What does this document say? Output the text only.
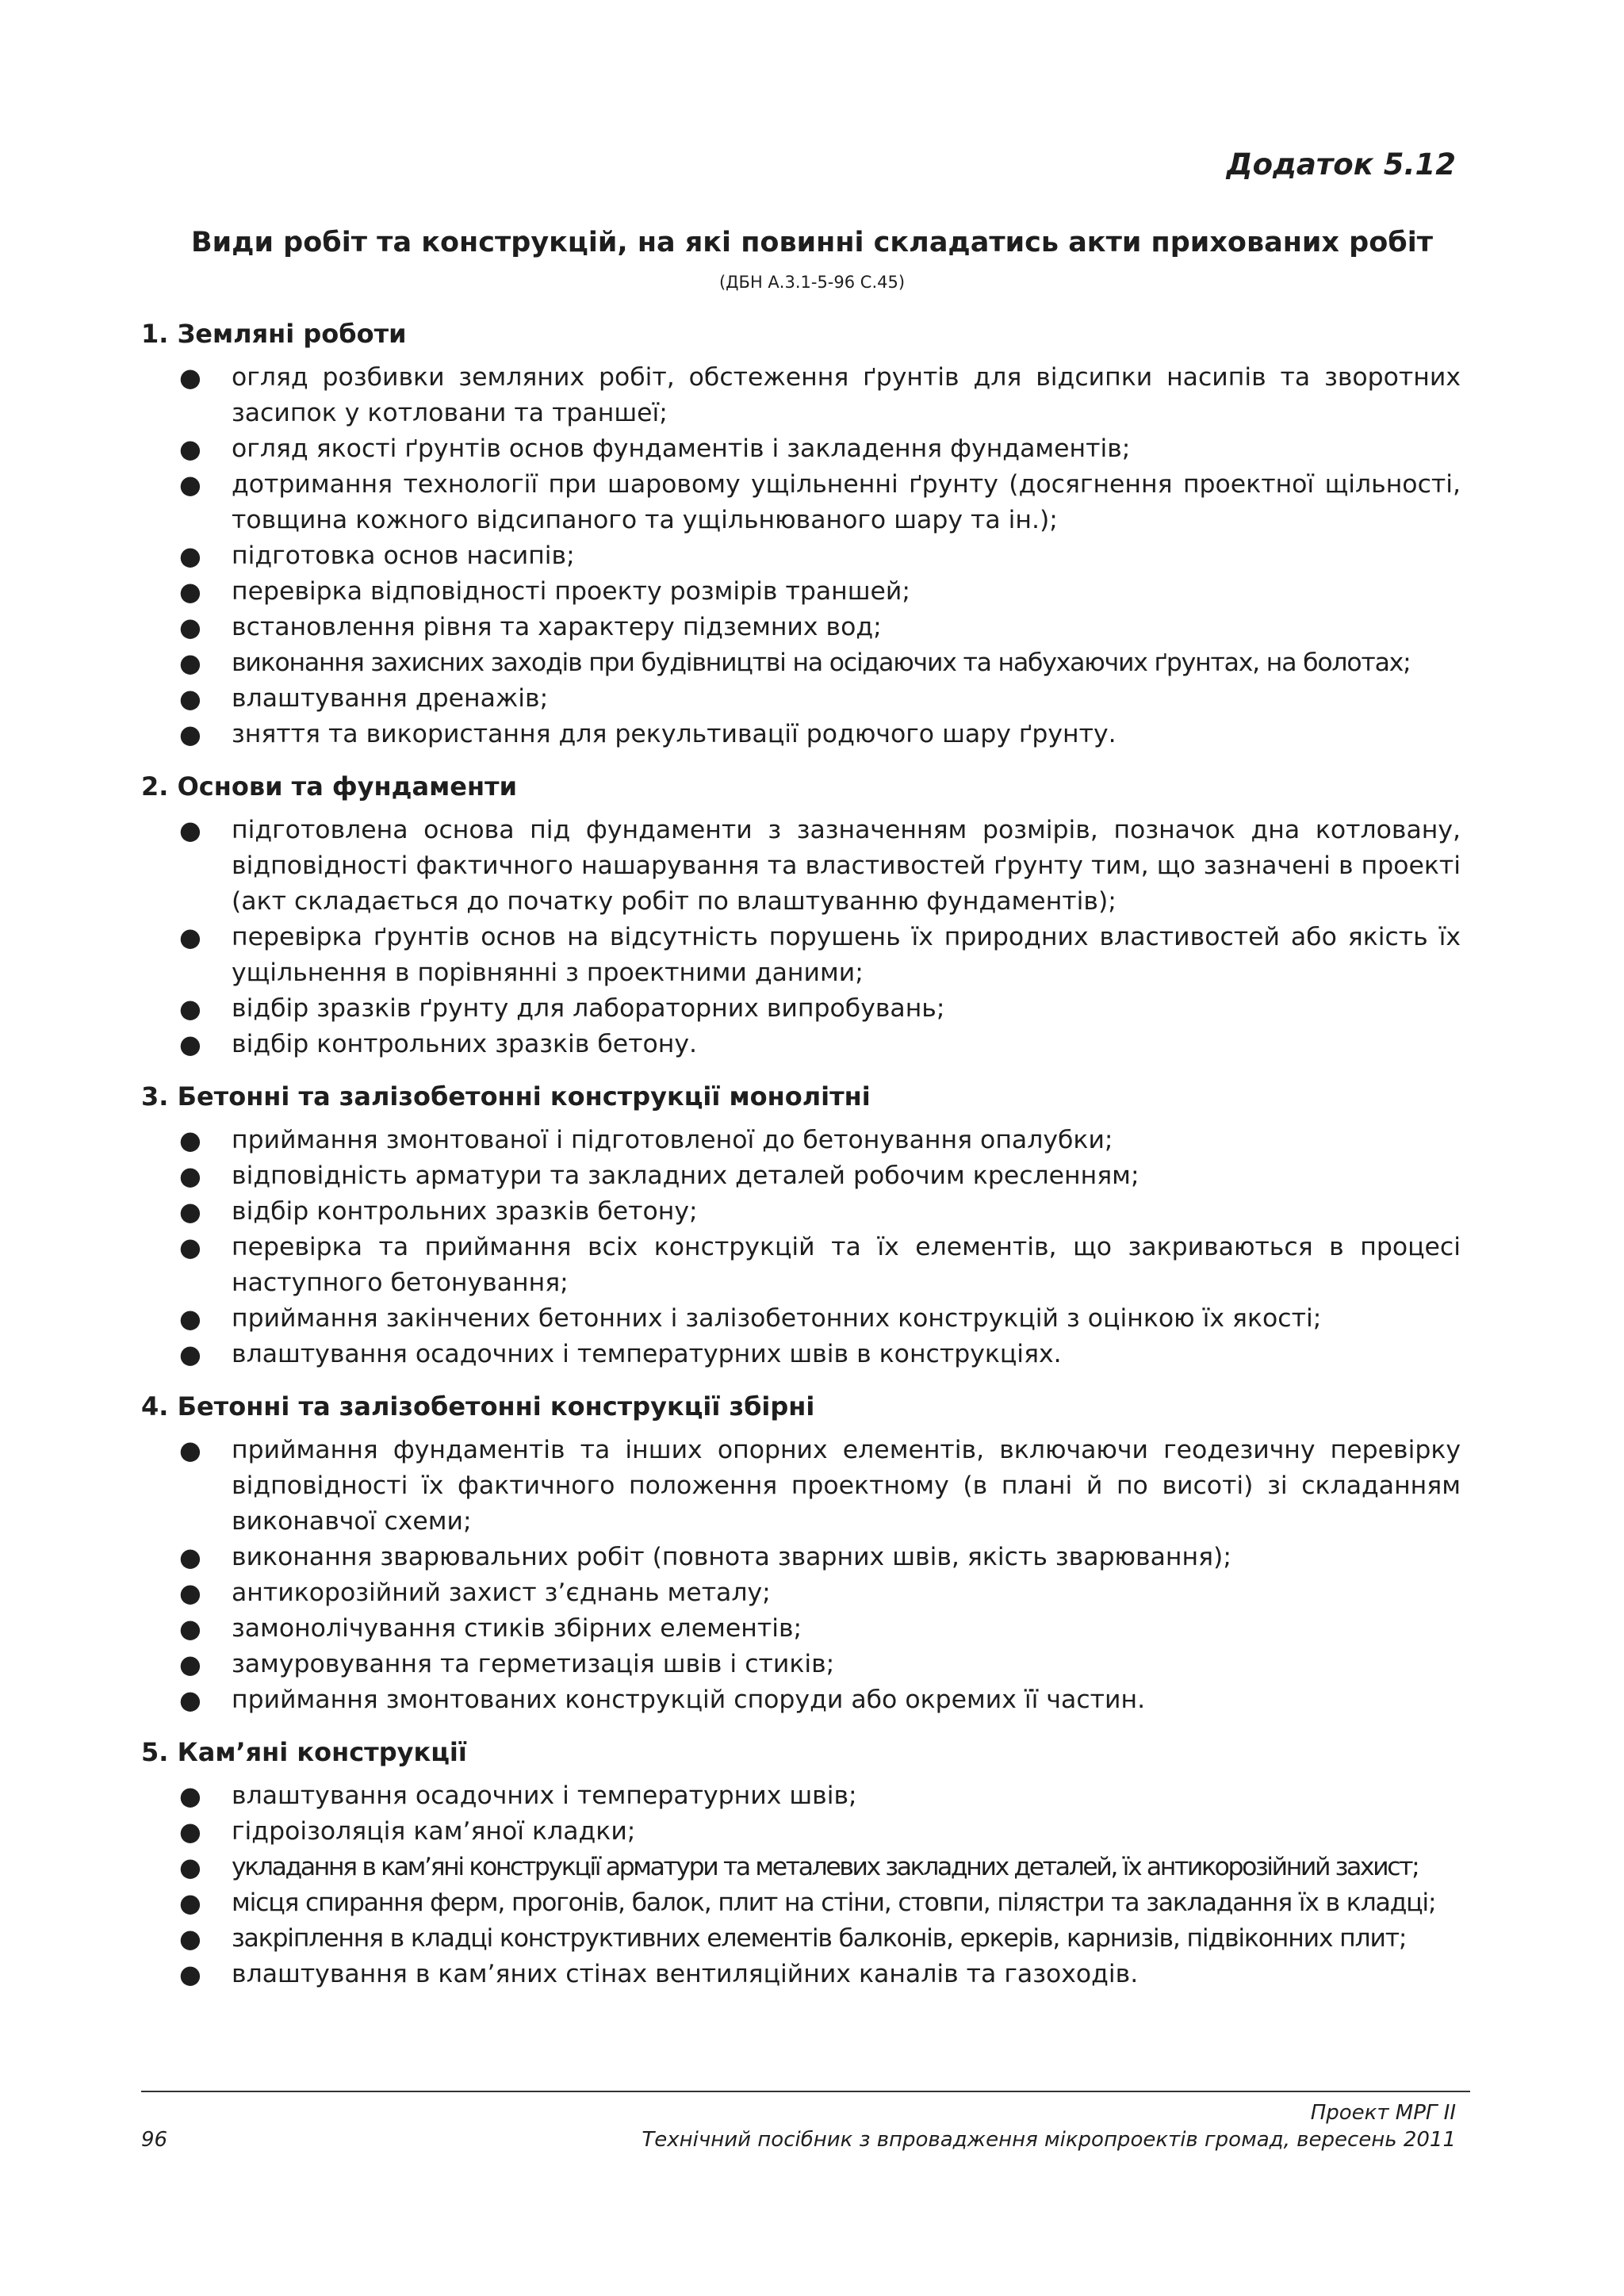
Додаток 5.12
Види робіт та конструкцій, на які повинні складатись акти прихованих робіт
(ДБН А.3.1-5-96 С.45)
1. Земляні роботи
● огляд розбивки земляних робіт, обстеження ґрунтів для відсипки насипів та зворотних засипок у котловани та траншеї;
● огляд якості ґрунтів основ фундаментів і закладення фундаментів;
● дотримання технології при шаровому ущільненні ґрунту (досягнення проектної щільності, товщина кожного відсипаного та ущільнюваного шару та ін.);
● підготовка основ насипів;
● перевірка відповідності проекту розмірів траншей;
● встановлення рівня та характеру підземних вод;
● виконання захисних заходів при будівництві на осідаючих та набухаючих ґрунтах, на болотах;
● влаштування дренажів;
● зняття та використання для рекультивації родючого шару ґрунту.
2. Основи та фундаменти
● підготовлена основа під фундаменти з зазначенням розмірів, позначок дна котловану, відповідності фактичного нашарування та властивостей ґрунту тим, що зазначені в проекті (акт складається до початку робіт по влаштуванню фундаментів);
● перевірка ґрунтів основ на відсутність порушень їх природних властивостей або якість їх ущільнення в порівнянні з проектними даними;
● відбір зразків ґрунту для лабораторних випробувань;
● відбір контрольних зразків бетону.
3. Бетонні та залізобетонні конструкції монолітні
● приймання змонтованої і підготовленої до бетонування опалубки;
● відповідність арматури та закладних деталей робочим кресленням;
● відбір контрольних зразків бетону;
● перевірка та приймання всіх конструкцій та їх елементів, що закриваються в процесі наступного бетонування;
● приймання закінчених бетонних і залізобетонних конструкцій з оцінкою їх якості;
● влаштування осадочних і температурних швів в конструкціях.
4. Бетонні та залізобетонні конструкції збірні
● приймання фундаментів та інших опорних елементів, включаючи геодезичну перевірку відповідності їх фактичного положення проектному (в плані й по висоті) зі складанням виконавчої схеми;
● виконання зварювальних робіт (повнота зварних швів, якість зварювання);
● антикорозійний захист з’єднань металу;
● замонолічування стиків збірних елементів;
● замуровування та герметизація швів і стиків;
● приймання змонтованих конструкцій споруди або окремих її частин.
5. Кам’яні конструкції
● влаштування осадочних і температурних швів;
● гідроізоляція кам’яної кладки;
● укладання в кам’яні конструкції арматури та металевих закладних деталей, їх антикорозійний захист;
● місця спирання ферм, прогонів, балок, плит на стіни, стовпи, пілястри та закладання їх в кладці;
● закріплення в кладці конструктивних елементів балконів, еркерів, карнизів, підвіконних плит;
● влаштування в кам’яних стінах вентиляційних каналів та газоходів.
Проект МРГ ІІ
Технічний посібник з впровадження мікропроектів громад, вересень 2011
96
